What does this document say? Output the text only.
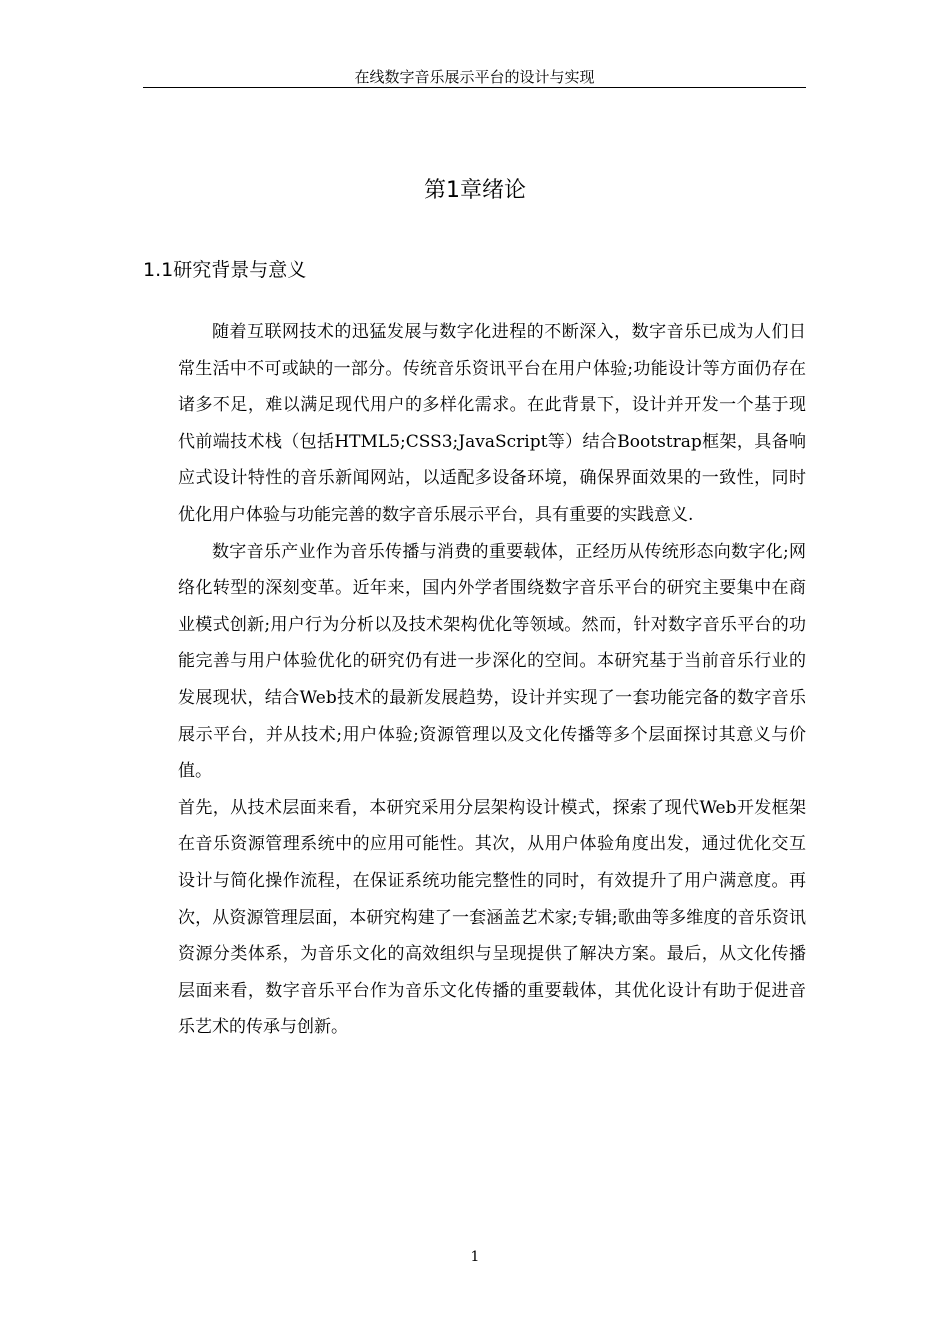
在线数字音乐展示平台的设计与实现
第1章绪论
1.1研究背景与意义

随着互联网技术的迅猛发展与数字化进程的不断深入，数字音乐已成为人们日常生活中不可或缺的一部分。传统音乐资讯平台在用户体验;功能设计等方面仍存在诸多不足，难以满足现代用户的多样化需求。在此背景下，设计并开发一个基于现代前端技术栈（包括HTML5;CSS3;JavaScript等）结合Bootstrap框架，具备响应式设计特性的音乐新闻网站，以适配多设备环境，确保界面效果的一致性，同时优化用户体验与功能完善的数字音乐展示平台，具有重要的实践意义.

数字音乐产业作为音乐传播与消费的重要载体，正经历从传统形态向数字化;网络化转型的深刻变革。近年来，国内外学者围绕数字音乐平台的研究主要集中在商业模式创新;用户行为分析以及技术架构优化等领域。然而，针对数字音乐平台的功能完善与用户体验优化的研究仍有进一步深化的空间。本研究基于当前音乐行业的发展现状，结合Web技术的最新发展趋势，设计并实现了一套功能完备的数字音乐展示平台，并从技术;用户体验;资源管理以及文化传播等多个层面探讨其意义与价值。

首先，从技术层面来看，本研究采用分层架构设计模式，探索了现代Web开发框架在音乐资源管理系统中的应用可能性。其次，从用户体验角度出发，通过优化交互设计与简化操作流程，在保证系统功能完整性的同时，有效提升了用户满意度。再次，从资源管理层面，本研究构建了一套涵盖艺术家;专辑;歌曲等多维度的音乐资讯资源分类体系，为音乐文化的高效组织与呈现提供了解决方案。最后，从文化传播层面来看，数字音乐平台作为音乐文化传播的重要载体，其优化设计有助于促进音乐艺术的传承与创新。

1
